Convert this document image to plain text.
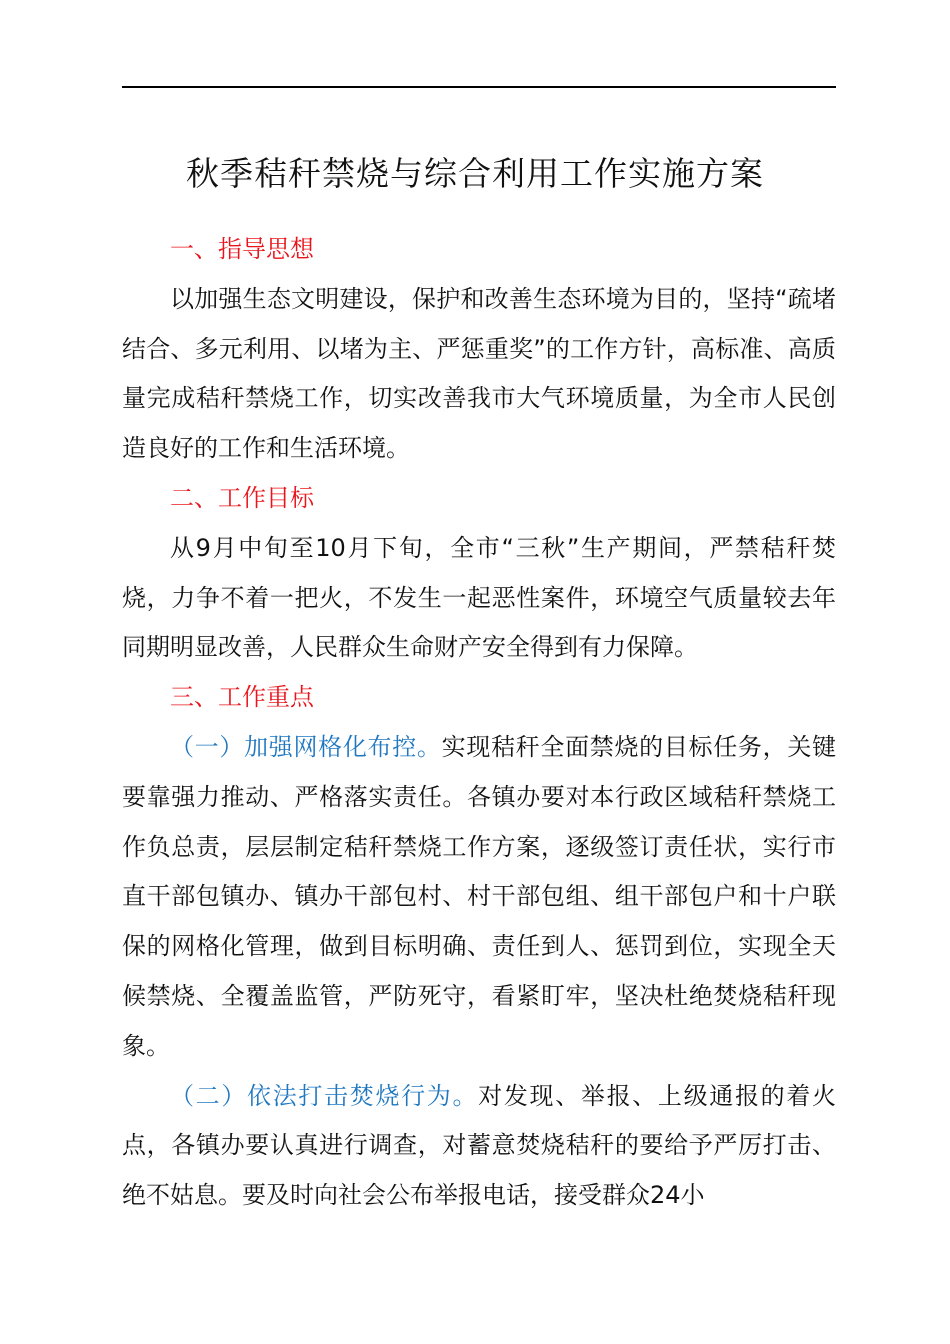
秋季秸秆禁烧与综合利用工作实施方案

一、指导思想

以加强生态文明建设，保护和改善生态环境为目的，坚持“疏堵结合、多元利用、以堵为主、严惩重奖”的工作方针，高标准、高质量完成秸秆禁烧工作，切实改善我市大气环境质量，为全市人民创造良好的工作和生活环境。

二、工作目标

从9月中旬至10月下旬，全市“三秋”生产期间，严禁秸秆焚烧，力争不着一把火，不发生一起恶性案件，环境空气质量较去年同期明显改善，人民群众生命财产安全得到有力保障。

三、工作重点

（一）加强网格化布控。实现秸秆全面禁烧的目标任务，关键要靠强力推动、严格落实责任。各镇办要对本行政区域秸秆禁烧工作负总责，层层制定秸秆禁烧工作方案，逐级签订责任状，实行市直干部包镇办、镇办干部包村、村干部包组、组干部包户和十户联保的网格化管理，做到目标明确、责任到人、惩罚到位，实现全天候禁烧、全覆盖监管，严防死守，看紧盯牢，坚决杜绝焚烧秸秆现象。

（二）依法打击焚烧行为。对发现、举报、上级通报的着火点，各镇办要认真进行调查，对蓄意焚烧秸秆的要给予严厉打击、绝不姑息。要及时向社会公布举报电话，接受群众24小
